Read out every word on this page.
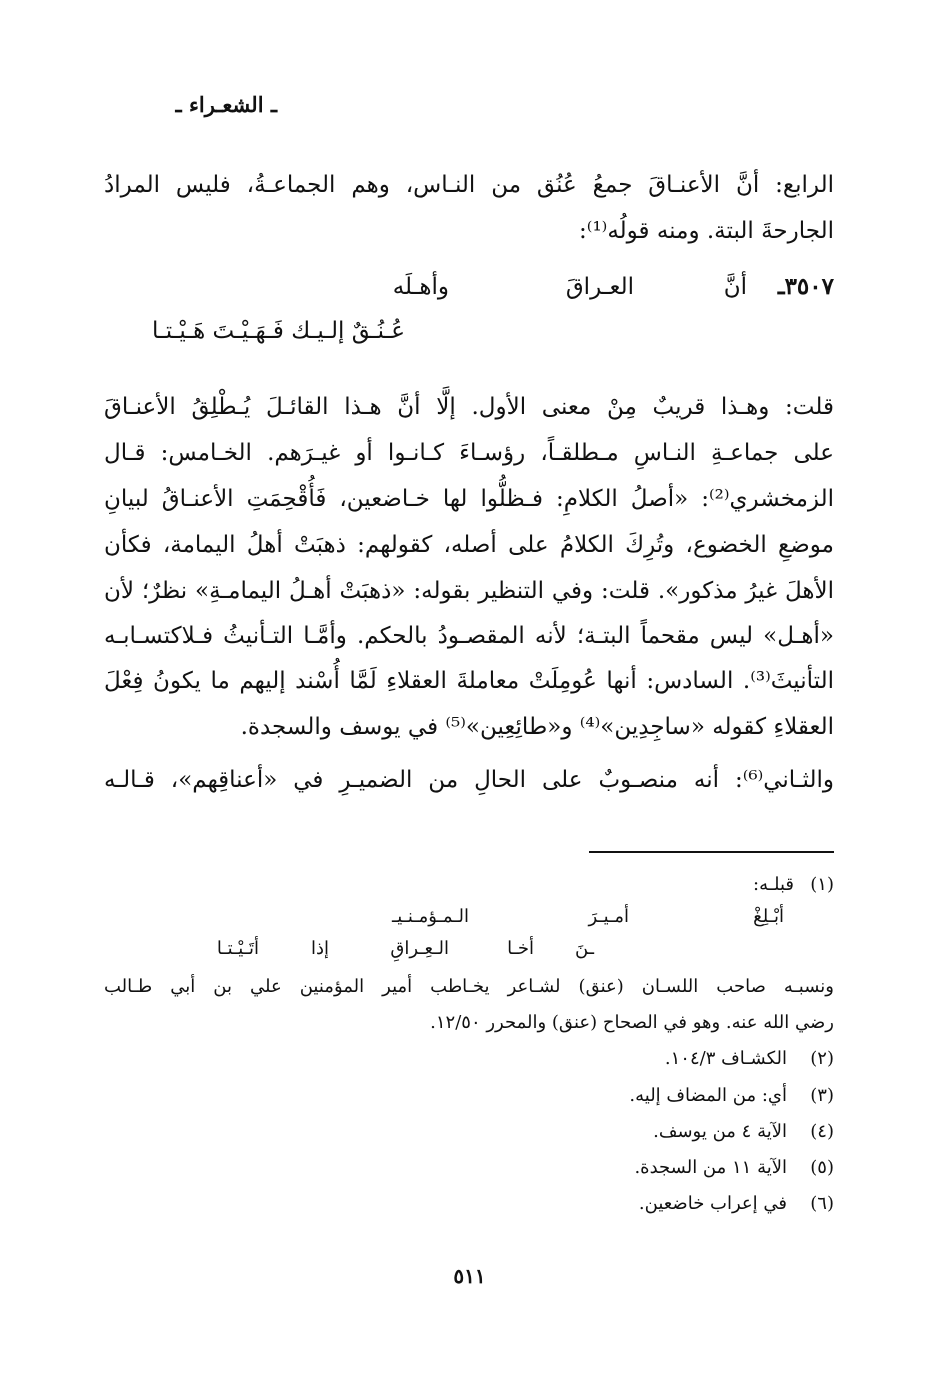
ـ الشعـراء ـ
الرابع: أنَّ الأعنـاقَ جمعُ عُنُق من النـاس، وهم الجماعـةُ، فليس المرادُ
الجارحةَ البتة. ومنه قولُه⁽¹⁾:
٣٥٠٧ـ
أنَّ
العـراقَ
وأهـلَه
عُـنُـقٌ إلـيـك فَـهَـيْـتَ هَـيْـتـا
قلت: وهـذا قريبٌ مِنْ معنى الأول. إلَّا أنَّ هـذا القائـلَ يُـطْلِقُ الأعنـاقَ
على جماعـةِ النـاسِ مـطلقـاً، رؤسـاءَ كـانـوا أو غيـرَهم. الخـامس: قـال
الزمخشري⁽²⁾: «أصلُ الكلامِ: فـظلُّوا لها خـاضعين، فَأُقْحِمَتِ الأعنـاقُ لبيانِ
موضعِ الخضوع، وتُرِكَ الكلامُ على أصله، كقولهم: ذهبَتْ أهلُ اليمامة، فكأن
الأهلَ غيرُ مذكور». قلت: وفي التنظير بقوله: «ذهبَتْ أهـلُ اليمامـةِ» نظرٌ؛ لأن
«أهـل» ليس مقحماً البتـة؛ لأنه المقصـودُ بالحكم. وأمَّـا التـأنيثُ فـلاكتسـابـه
التأنيثَ⁽³⁾. السادس: أنها عُومِلَتْ معاملةَ العقلاءِ لَمَّا أُسْند إليهم ما يكونُ فِعْلَ
العقلاءِ كقوله «ساجِدِين»⁽⁴⁾ و«طائِعِين»⁽⁵⁾ في يوسف والسجدة.
والثـاني⁽⁶⁾: أنه منصـوبٌ على الحالِ من الضميـرِ في «أعناقِهم»، قـالـه
(١)
قبلـه:
أبْـلِغْ
أمـيـرَ
الـمـؤمـنـيـ
ـنَ
أخـا
الـعِـراقِ
إذا
أتَـيْـتـا
ونسبـه صاحب اللسـان (عنق) لشـاعر يخـاطب أمير المؤمنين علي بن أبي طـالب
رضي الله عنه. وهو في الصحاح (عنق) والمحرر ١٢/٥٠.
(٢)
الكشـاف ١٠٤/٣.
(٣)
أي: من المضاف إليه.
(٤)
الآية ٤ من يوسف.
(٥)
الآية ١١ من السجدة.
(٦)
في إعراب خاضعين.
٥١١
